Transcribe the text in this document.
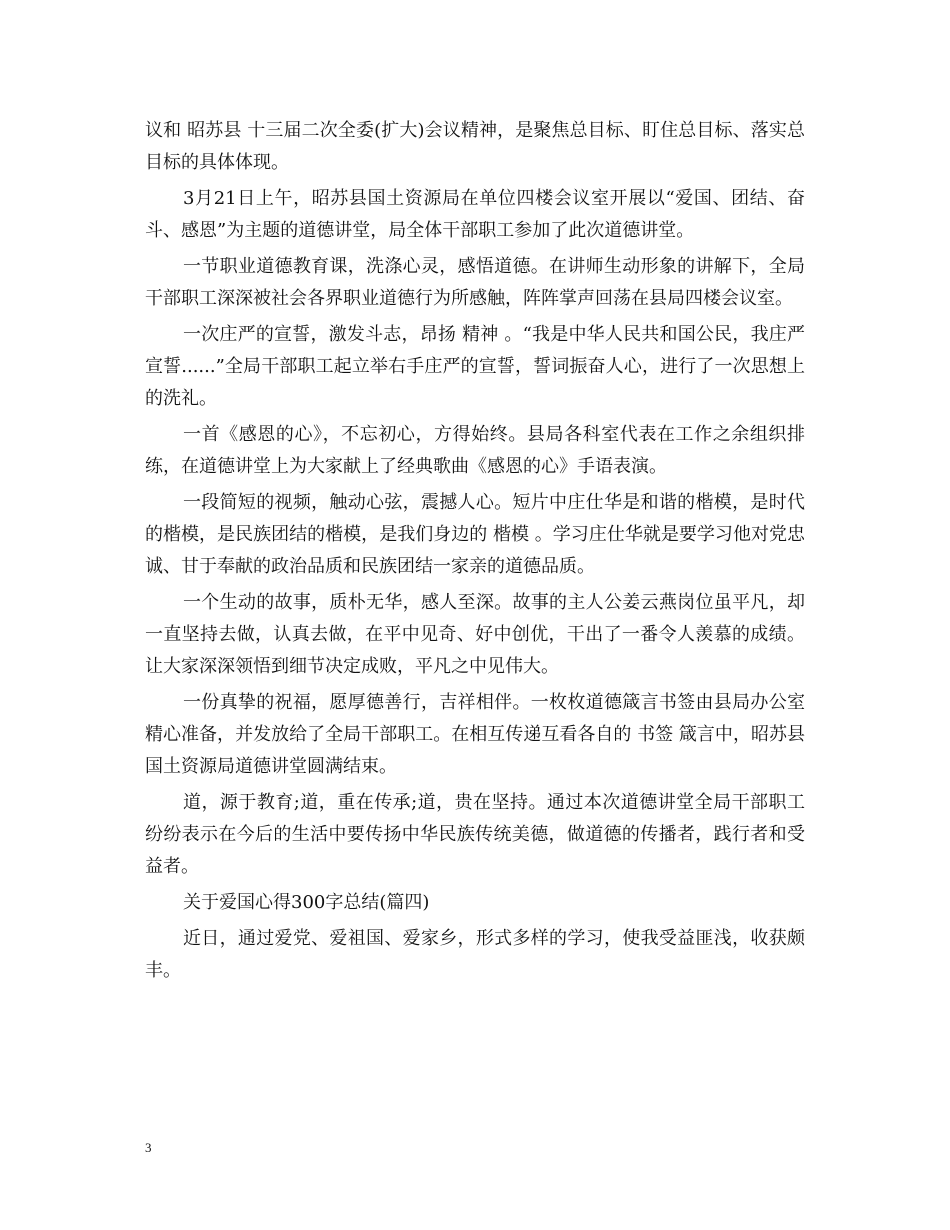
议和 昭苏县 十三届二次全委(扩大)会议精神，是聚焦总目标、盯住总目标、落实总目标的具体体现。

3月21日上午，昭苏县国土资源局在单位四楼会议室开展以“爱国、团结、奋斗、感恩”为主题的道德讲堂，局全体干部职工参加了此次道德讲堂。

一节职业道德教育课，洗涤心灵，感悟道德。在讲师生动形象的讲解下，全局干部职工深深被社会各界职业道德行为所感触，阵阵掌声回荡在县局四楼会议室。

一次庄严的宣誓，激发斗志，昂扬 精神 。“我是中华人民共和国公民，我庄严宣誓......”全局干部职工起立举右手庄严的宣誓，誓词振奋人心，进行了一次思想上的洗礼。

一首《感恩的心》，不忘初心，方得始终。县局各科室代表在工作之余组织排练，在道德讲堂上为大家献上了经典歌曲《感恩的心》手语表演。

一段简短的视频，触动心弦，震撼人心。短片中庄仕华是和谐的楷模，是时代的楷模，是民族团结的楷模，是我们身边的 楷模 。学习庄仕华就是要学习他对党忠诚、甘于奉献的政治品质和民族团结一家亲的道德品质。

一个生动的故事，质朴无华，感人至深。故事的主人公姜云燕岗位虽平凡，却一直坚持去做，认真去做，在平中见奇、好中创优，干出了一番令人羡慕的成绩。让大家深深领悟到细节决定成败，平凡之中见伟大。

一份真挚的祝福，愿厚德善行，吉祥相伴。一枚枚道德箴言书签由县局办公室精心准备，并发放给了全局干部职工。在相互传递互看各自的 书签 箴言中，昭苏县国土资源局道德讲堂圆满结束。

道，源于教育;道，重在传承;道，贵在坚持。通过本次道德讲堂全局干部职工纷纷表示在今后的生活中要传扬中华民族传统美德，做道德的传播者，践行者和受益者。

关于爱国心得300字总结(篇四)

近日，通过爱党、爱祖国、爱家乡，形式多样的学习，使我受益匪浅，收获颇丰。

3
